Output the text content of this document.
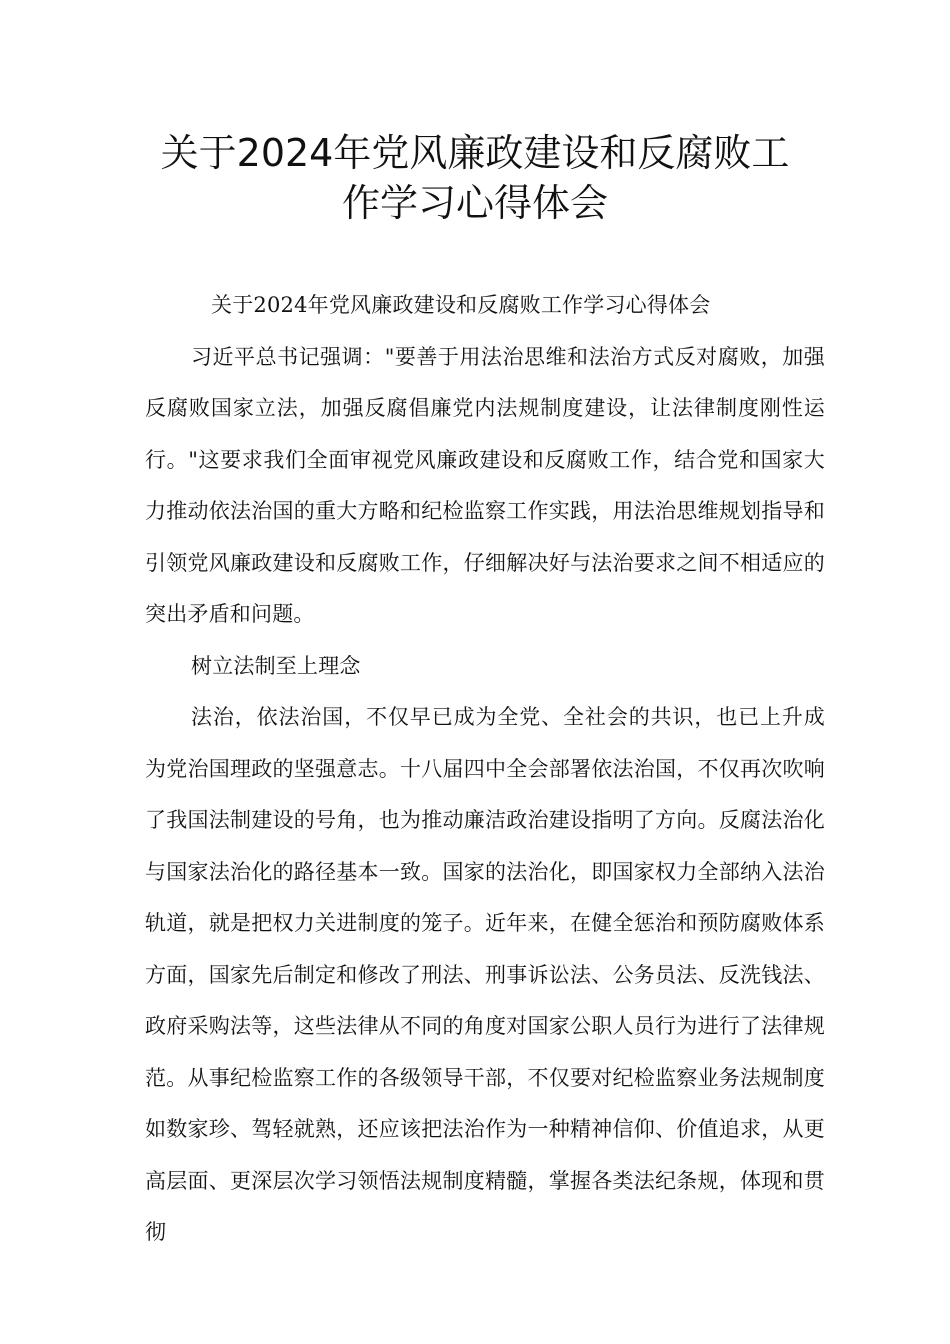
关于2024年党风廉政建设和反腐败工
作学习心得体会

关于2024年党风廉政建设和反腐败工作学习心得体会

习近平总书记强调："要善于用法治思维和法治方式反对腐败，加强反腐败国家立法，加强反腐倡廉党内法规制度建设，让法律制度刚性运行。"这要求我们全面审视党风廉政建设和反腐败工作，结合党和国家大力推动依法治国的重大方略和纪检监察工作实践，用法治思维规划指导和引领党风廉政建设和反腐败工作，仔细解决好与法治要求之间不相适应的突出矛盾和问题。

树立法制至上理念

法治，依法治国，不仅早已成为全党、全社会的共识，也已上升成为党治国理政的坚强意志。十八届四中全会部署依法治国，不仅再次吹响了我国法制建设的号角，也为推动廉洁政治建设指明了方向。反腐法治化与国家法治化的路径基本一致。国家的法治化，即国家权力全部纳入法治轨道，就是把权力关进制度的笼子。近年来，在健全惩治和预防腐败体系方面，国家先后制定和修改了刑法、刑事诉讼法、公务员法、反洗钱法、政府采购法等，这些法律从不同的角度对国家公职人员行为进行了法律规范。从事纪检监察工作的各级领导干部，不仅要对纪检监察业务法规制度如数家珍、驾轻就熟，还应该把法治作为一种精神信仰、价值追求，从更高层面、更深层次学习领悟法规制度精髓，掌握各类法纪条规，体现和贯彻
